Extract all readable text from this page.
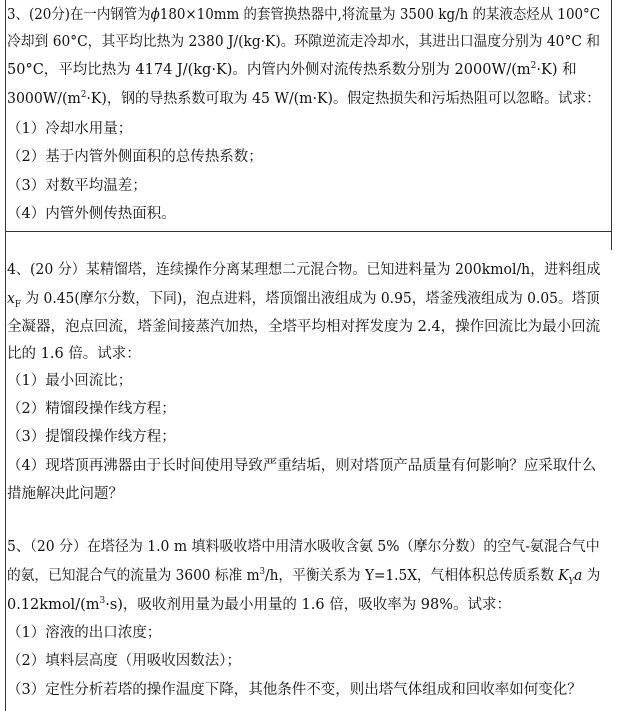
3、(20分)在一内钢管为ϕ180×10mm 的套管换热器中,将流量为 3500 kg/h 的某液态烃从 100°C
冷却到 60°C，其平均比热为 2380 J/(kg·K)。环隙逆流走冷却水，其进出口温度分别为 40°C 和
50°C，平均比热为 4174 J/(kg·K)。内管内外侧对流传热系数分别为 $2000W/(m^2\cdot K)$ 和
$3000W/(m^2\cdot K)$，钢的导热系数可取为 45 W/(m·K)。假定热损失和污垢热阻可以忽略。试求：
（1）冷却水用量；
（2）基于内管外侧面积的总传热系数；
（3）对数平均温差；
（4）内管外侧传热面积。
4、(20 分）某精馏塔，连续操作分离某理想二元混合物。已知进料量为 200kmol/h，进料组成
$x_F$ 为 0.45(摩尔分数，下同)，泡点进料，塔顶馏出液组成为 0.95，塔釜残液组成为 0.05。塔顶
全凝器，泡点回流，塔釜间接蒸汽加热，全塔平均相对挥发度为 2.4，操作回流比为最小回流
比的 1.6 倍。试求：
（1）最小回流比；
（2）精馏段操作线方程；
（3）提馏段操作线方程；
（4）现塔顶再沸器由于长时间使用导致严重结垢，则对塔顶产品质量有何影响？应采取什么
措施解决此问题？
5、（20 分）在塔径为 1.0 m 填料吸收塔中用清水吸收含氨 5%（摩尔分数）的空气-氨混合气中
的氨，已知混合气的流量为 3600 标准 $m^3/h$，平衡关系为 Y=1.5X，气相体积总传质系数 $K_Ya$ 为
$0.12kmol/(m^3\cdot s)$，吸收剂用量为最小用量的 1.6 倍，吸收率为 98%。试求：
（1）溶液的出口浓度；
（2）填料层高度（用吸收因数法）；
（3）定性分析若塔的操作温度下降，其他条件不变，则出塔气体组成和回收率如何变化？
